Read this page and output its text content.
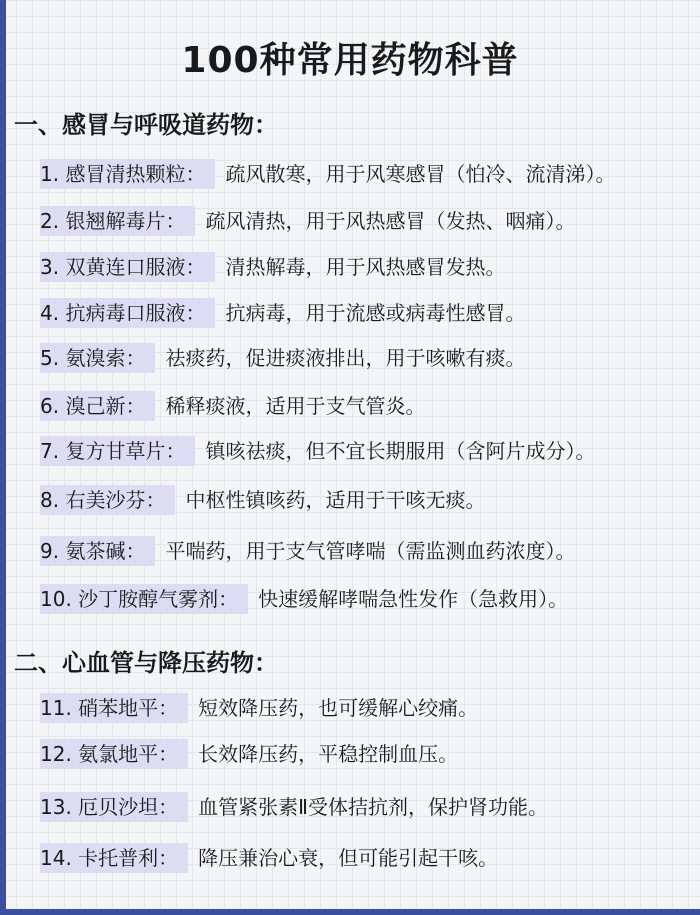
100种常用药物科普
一、感冒与呼吸道药物：
1. 感冒清热颗粒： 疏风散寒，用于风寒感冒（怕冷、流清涕）。
2. 银翘解毒片： 疏风清热，用于风热感冒（发热、咽痛）。
3. 双黄连口服液： 清热解毒，用于风热感冒发热。
4. 抗病毒口服液： 抗病毒，用于流感或病毒性感冒。
5. 氨溴索： 祛痰药，促进痰液排出，用于咳嗽有痰。
6. 溴己新： 稀释痰液，适用于支气管炎。
7. 复方甘草片： 镇咳祛痰，但不宜长期服用（含阿片成分）。
8. 右美沙芬： 中枢性镇咳药，适用于干咳无痰。
9. 氨茶碱： 平喘药，用于支气管哮喘（需监测血药浓度）。
10. 沙丁胺醇气雾剂： 快速缓解哮喘急性发作（急救用）。
二、心血管与降压药物：
11. 硝苯地平： 短效降压药，也可缓解心绞痛。
12. 氨氯地平： 长效降压药，平稳控制血压。
13. 厄贝沙坦： 血管紧张素Ⅱ受体拮抗剂，保护肾功能。
14. 卡托普利： 降压兼治心衰，但可能引起干咳。
